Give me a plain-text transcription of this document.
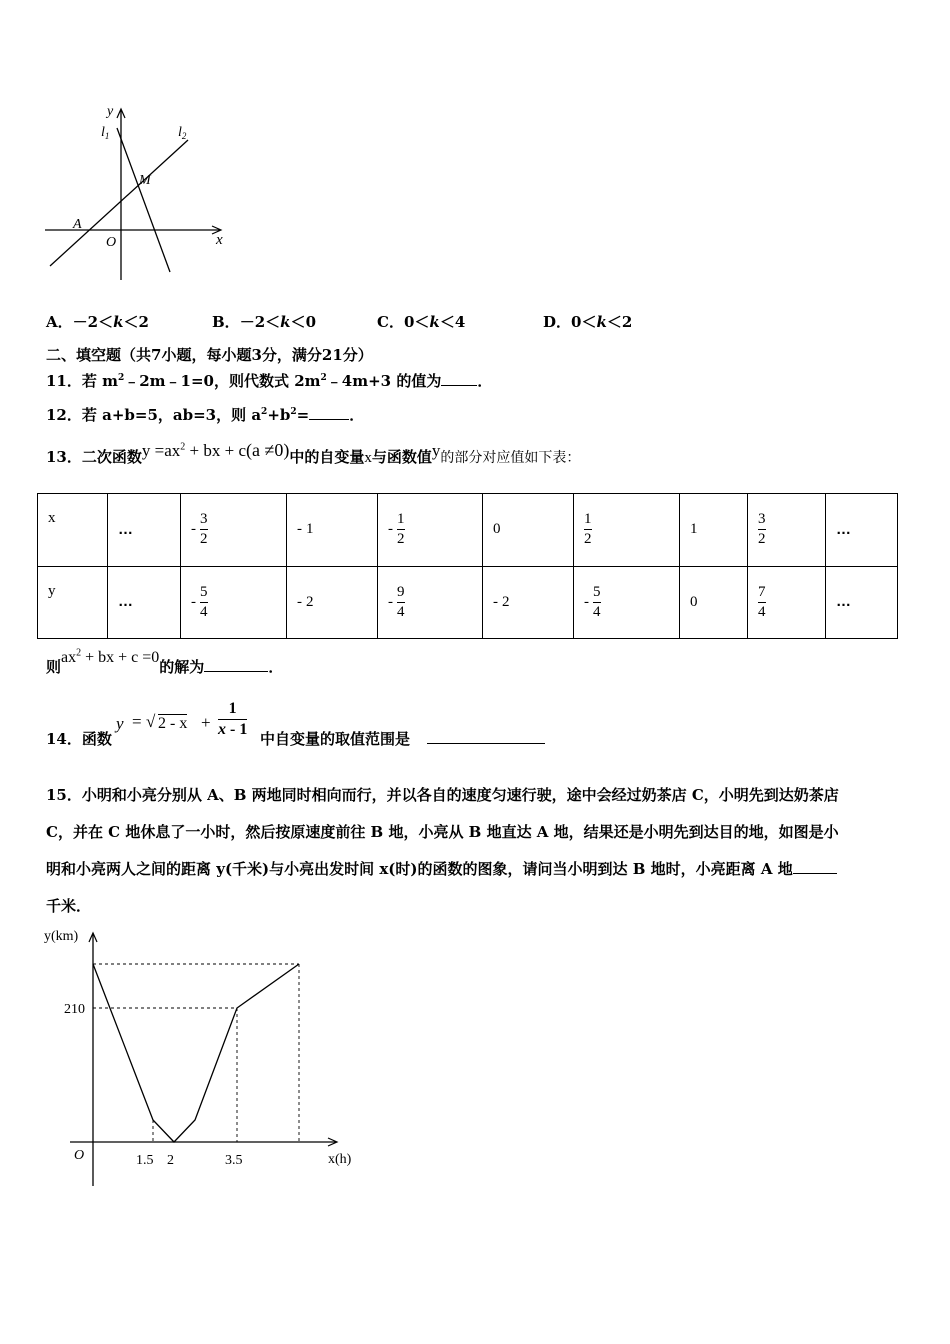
y
x
$l_1$	$l_2$
M
A
O
A．－2＜k＜2	B．－2＜k＜0	C．0＜k＜4	D．0＜k＜2
二、填空题（共7小题，每小题3分，满分21分）
11．若 $m^2﹣2m﹣1=0$，则代数式 $2m^2﹣4m+3$ 的值为 ．
12．若 a+b=5，ab=3，则 $a^2+b^2=$	．
13．二次函数$y =ax^2$ + bx + c(a ≠0)中的自变量x与函数值y的部分对应值如下表：
x	…	- $\frac{3}{2}$	- 1	- $\frac{1}{2}$	0	$\frac{1}{2}$	1	$\frac{3}{2}$	…
y	…	- $\frac{5}{4}$	- 2	- $\frac{9}{4}$	- 2	- $\frac{5}{4}$	0	$\frac{7}{4}$	…
则$ax^2$ + bx + c =0的解为	．
14．函数
y = √ 2 - x +
1
x - 1
中自变量的取值范围是
15．小明和小亮分别从 A、B 两地同时相向而行，并以各自的速度匀速行驶，途中会经过奶茶店 C，小明先到达奶茶店
C，并在 C 地休息了一小时，然后按原速度前往 B 地，小亮从 B 地直达 A 地，结果还是小明先到达目的地，如图是小
明和小亮两人之间的距离 y(千米)与小亮出发时间 x(时)的函数的图象，请问当小明到达 B 地时，小亮距离 A 地
千米．
y(km)
x(h)
O
210
1.5 2	3.5
